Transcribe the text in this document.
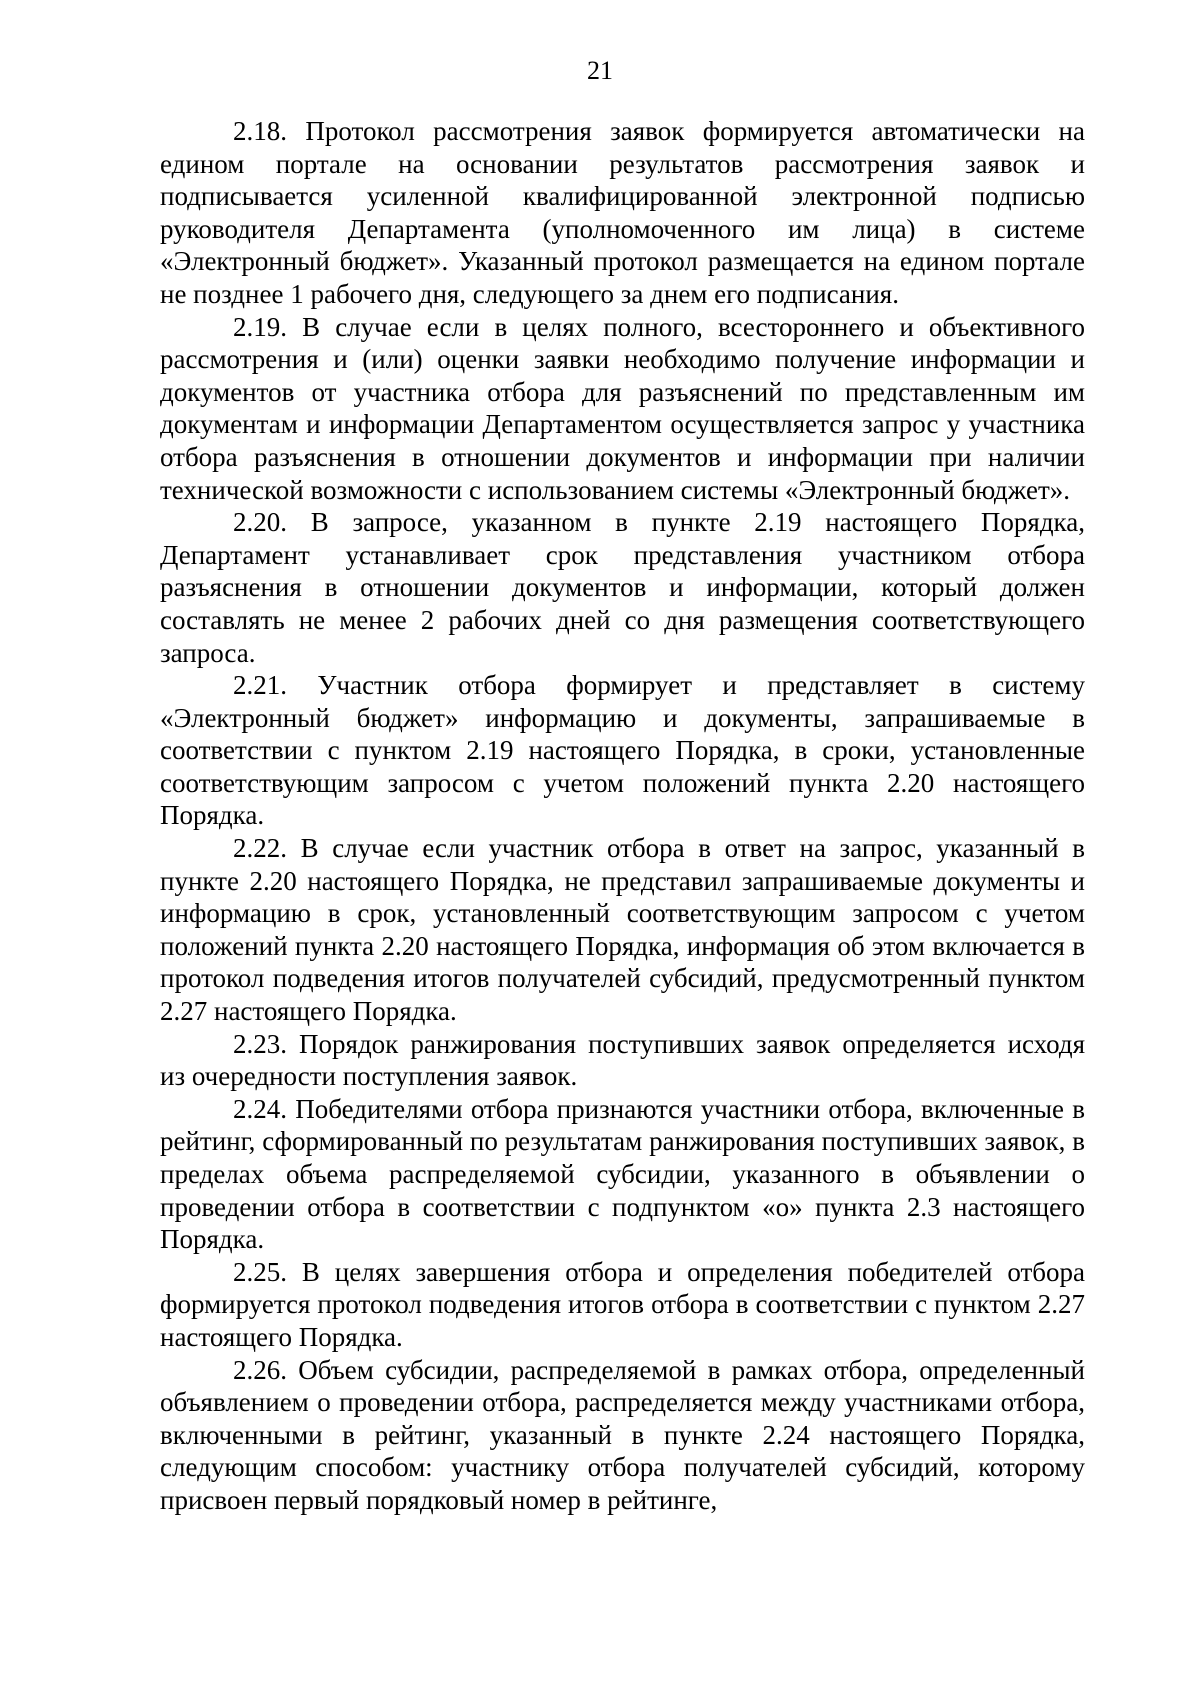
21

2.18. Протокол рассмотрения заявок формируется автоматически на едином портале на основании результатов рассмотрения заявок и подписывается усиленной квалифицированной электронной подписью руководителя Департамента (уполномоченного им лица) в системе «Электронный бюджет». Указанный протокол размещается на едином портале не позднее 1 рабочего дня, следующего за днем его подписания.

2.19. В случае если в целях полного, всестороннего и объективного рассмотрения и (или) оценки заявки необходимо получение информации и документов от участника отбора для разъяснений по представленным им документам и информации Департаментом осуществляется запрос у участника отбора разъяснения в отношении документов и информации при наличии технической возможности с использованием системы «Электронный бюджет».

2.20. В запросе, указанном в пункте 2.19 настоящего Порядка, Департамент устанавливает срок представления участником отбора разъяснения в отношении документов и информации, который должен составлять не менее 2 рабочих дней со дня размещения соответствующего запроса.

2.21. Участник отбора формирует и представляет в систему «Электронный бюджет» информацию и документы, запрашиваемые в соответствии с пунктом 2.19 настоящего Порядка, в сроки, установленные соответствующим запросом с учетом положений пункта 2.20 настоящего Порядка.

2.22. В случае если участник отбора в ответ на запрос, указанный в пункте 2.20 настоящего Порядка, не представил запрашиваемые документы и информацию в срок, установленный соответствующим запросом с учетом положений пункта 2.20 настоящего Порядка, информация об этом включается в протокол подведения итогов получателей субсидий, предусмотренный пунктом 2.27 настоящего Порядка.

2.23. Порядок ранжирования поступивших заявок определяется исходя из очередности поступления заявок.

2.24. Победителями отбора признаются участники отбора, включенные в рейтинг, сформированный по результатам ранжирования поступивших заявок, в пределах объема распределяемой субсидии, указанного в объявлении о проведении отбора в соответствии с подпунктом «о» пункта 2.3 настоящего Порядка.

2.25. В целях завершения отбора и определения победителей отбора формируется протокол подведения итогов отбора в соответствии с пунктом 2.27 настоящего Порядка.

2.26. Объем субсидии, распределяемой в рамках отбора, определенный объявлением о проведении отбора, распределяется между участниками отбора, включенными в рейтинг, указанный в пункте 2.24 настоящего Порядка, следующим способом: участнику отбора получателей субсидий, которому присвоен первый порядковый номер в рейтинге,
